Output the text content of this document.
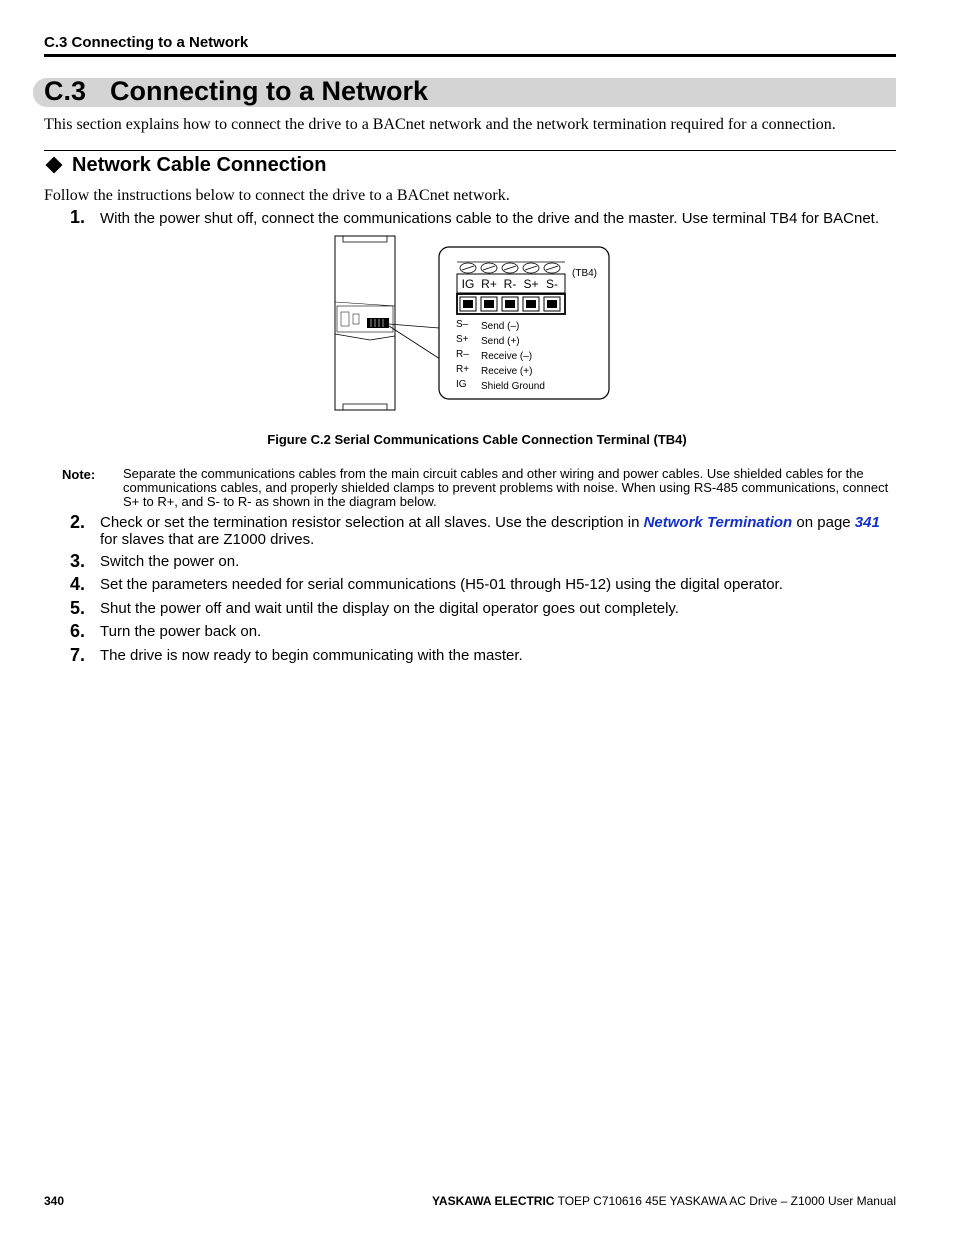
C.3 Connecting to a Network
C.3 Connecting to a Network
This section explains how to connect the drive to a BACnet network and the network termination required for a connection.
Network Cable Connection
Follow the instructions below to connect the drive to a BACnet network.
1. With the power shut off, connect the communications cable to the drive and the master. Use terminal TB4 for BACnet.
(TB4)
IG R+ R- S+ S-
S– Send (–)
S+ Send (+)
R– Receive (–)
R+ Receive (+)
IG Shield Ground
Figure C.2 Serial Communications Cable Connection Terminal (TB4)
Note: Separate the communications cables from the main circuit cables and other wiring and power cables. Use shielded cables for the communications cables, and properly shielded clamps to prevent problems with noise. When using RS-485 communications, connect S+ to R+, and S- to R- as shown in the diagram below.
2. Check or set the termination resistor selection at all slaves. Use the description in Network Termination on page 341 for slaves that are Z1000 drives.
3. Switch the power on.
4. Set the parameters needed for serial communications (H5-01 through H5-12) using the digital operator.
5. Shut the power off and wait until the display on the digital operator goes out completely.
6. Turn the power back on.
7. The drive is now ready to begin communicating with the master.
340	YASKAWA ELECTRIC TOEP C710616 45E YASKAWA AC Drive – Z1000 User Manual
